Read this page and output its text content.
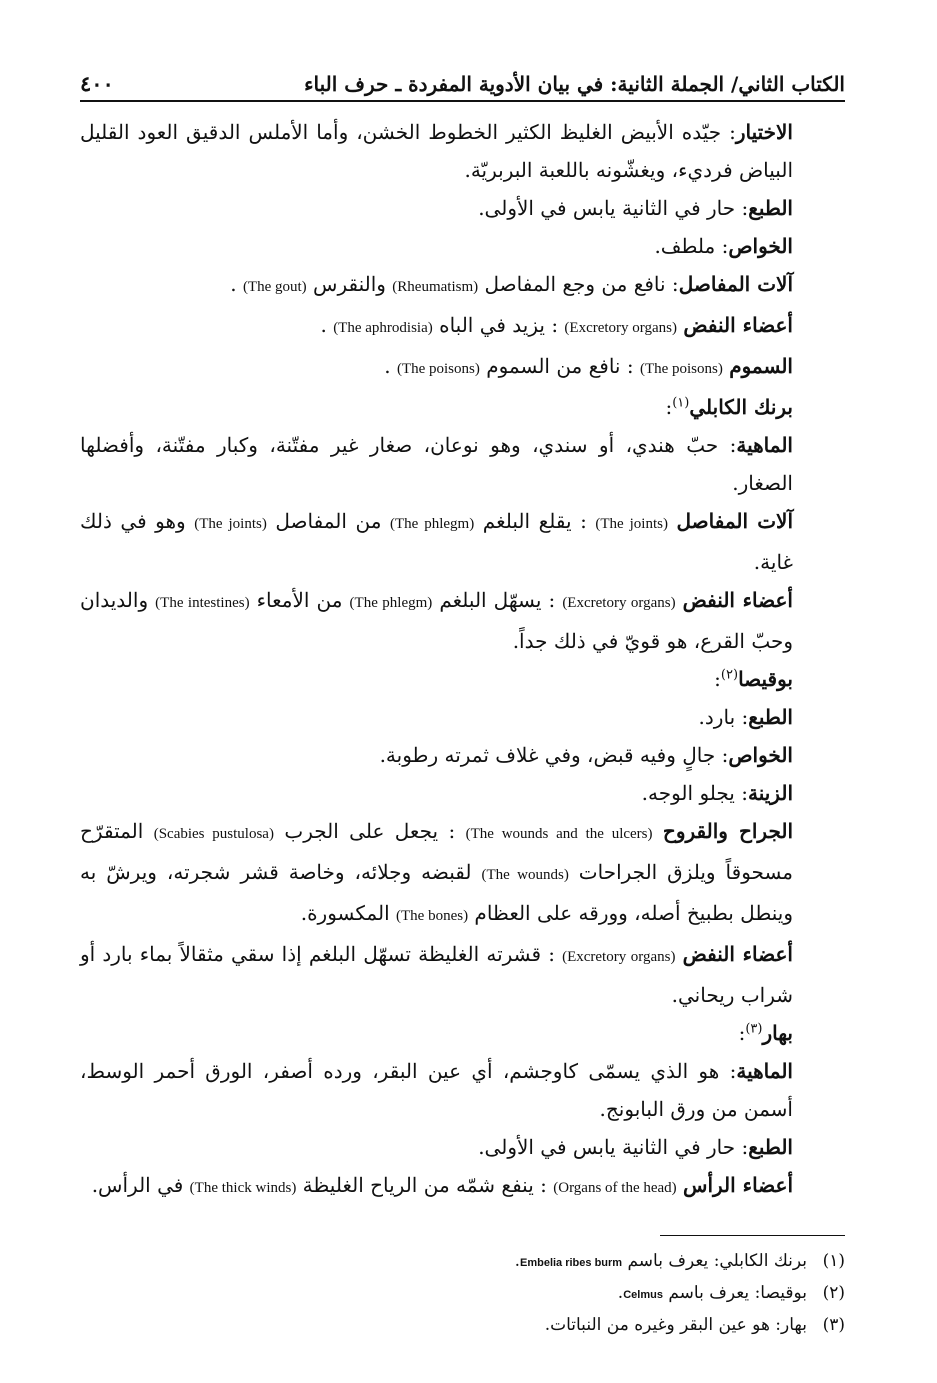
الكتاب الثاني/ الجملة الثانية: في بيان الأدوية المفردة ـ حرف الباء
٤٠٠

الاختيار: جيّده الأبيض الغليظ الكثير الخطوط الخشن، وأما الأملس الدقيق العود القليل البياض فرديء، ويغشّونه باللعبة البربريّة.

الطبع: حار في الثانية يابس في الأولى.

الخواص: ملطف.

آلات المفاصل: نافع من وجع المفاصل (Rheumatism) والنقرس (The gout) .

أعضاء النفض (Excretory organs) : يزيد في الباه (The aphrodisia) .

السموم (The poisons) : نافع من السموم (The poisons) .

برنك الكابلي$^{(١)}$:

الماهية: حبّ هندي، أو سندي، وهو نوعان، صغار غير مفتّنة، وكبار مفتّنة، وأفضلها الصغار.

آلات المفاصل (The joints) : يقلع البلغم (The phlegm) من المفاصل (The joints) وهو في ذلك غاية.

أعضاء النفض (Excretory organs) : يسهّل البلغم (The phlegm) من الأمعاء (The intestines) والديدان وحبّ القرع، هو قويّ في ذلك جداً.

بوقيصا$^{(٢)}$:

الطبع: بارد.

الخواص: جالٍ وفيه قبض، وفي غلاف ثمرته رطوبة.

الزينة: يجلو الوجه.

الجراح والقروح (The wounds and the ulcers) : يجعل على الجرب (Scabies pustulosa) المتقرّح مسحوقاً ويلزق الجراحات (The wounds) لقبضه وجلائه، وخاصة قشر شجرته، ويرشّ به وينطل بطبيخ أصله، وورقه على العظام (The bones) المكسورة.

أعضاء النفض (Excretory organs) : قشرته الغليظة تسهّل البلغم إذا سقي مثقالاً بماء بارد أو شراب ريحاني.

بهار$^{(٣)}$:

الماهية: هو الذي يسمّى كاوجشم، أي عين البقر، ورده أصفر، الورق أحمر الوسط، أسمن من ورق البابونج.

الطبع: حار في الثانية يابس في الأولى.

أعضاء الرأس (Organs of the head) : ينفع شمّه من الرياح الغليظة (The thick winds) في الرأس.

(١)برنك الكابلي: يعرف باسم Embelia ribes burm.
(٢)بوقيصا: يعرف باسم Celmus.
(٣)بهار: هو عين البقر وغيره من النباتات.
